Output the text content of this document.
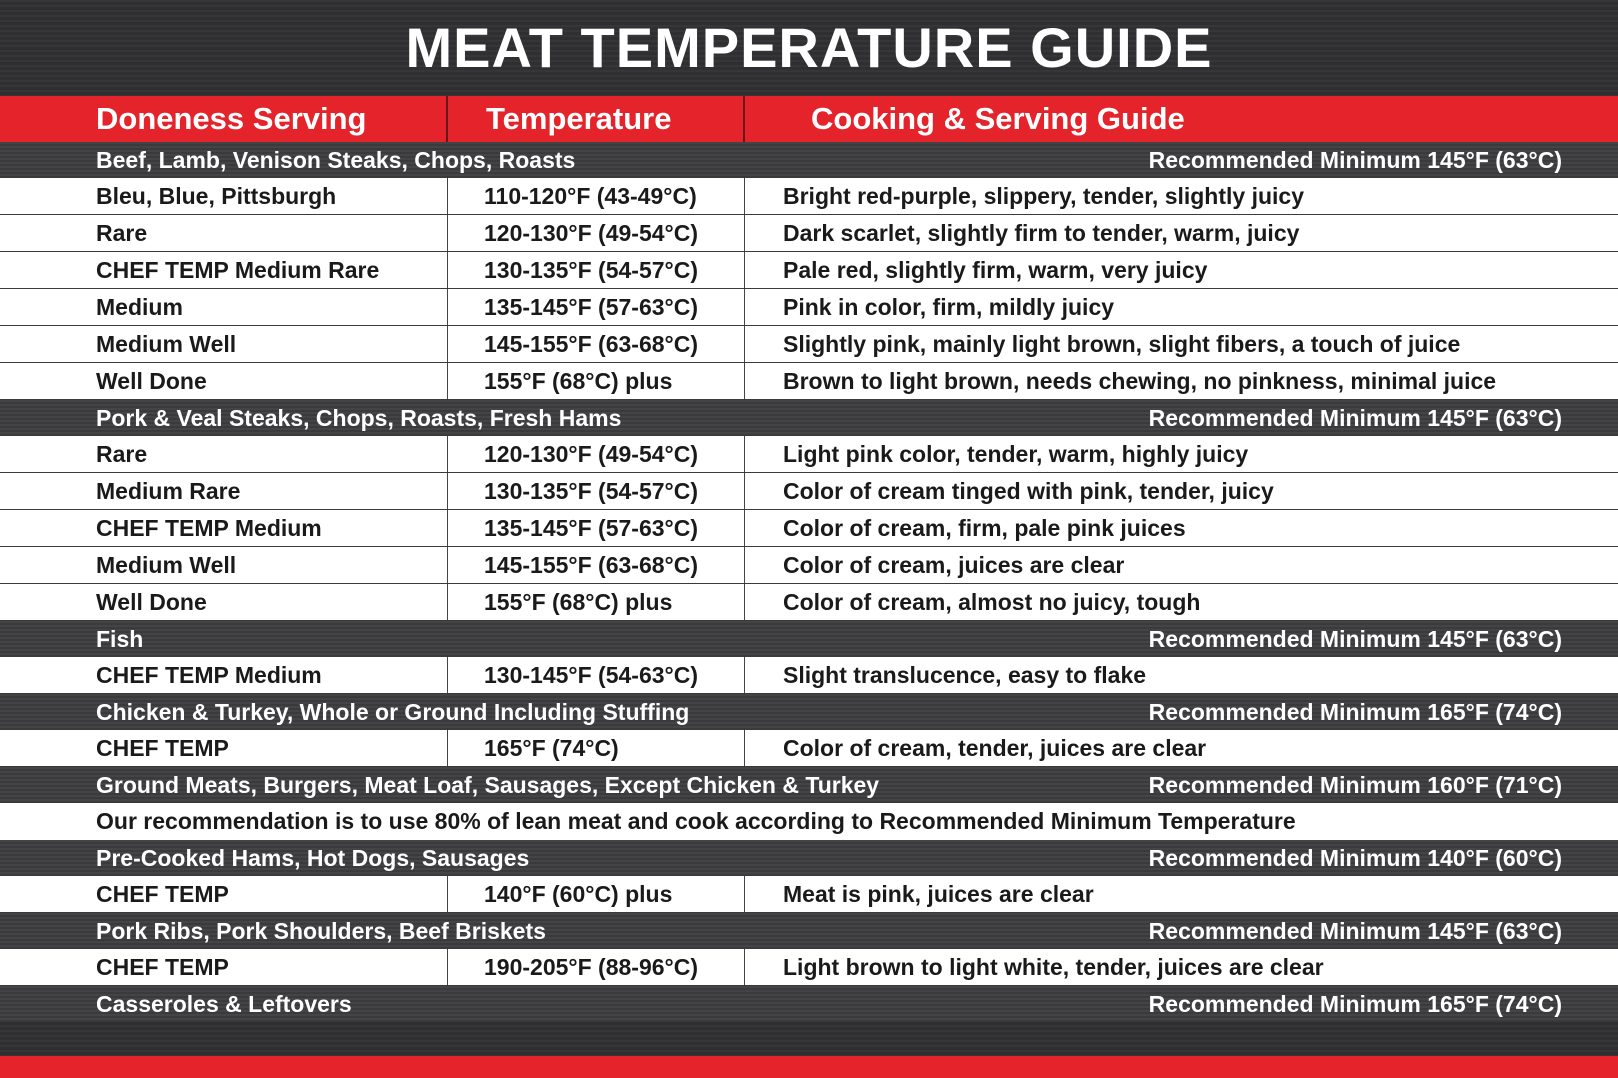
MEAT TEMPERATURE GUIDE
Doneness Serving	Temperature	Cooking & Serving Guide
Beef, Lamb, Venison Steaks, Chops, Roasts	Recommended Minimum 145°F (63°C)
Bleu, Blue, Pittsburgh	110-120°F (43-49°C)	Bright red-purple, slippery, tender, slightly juicy
Rare	120-130°F (49-54°C)	Dark scarlet, slightly firm to tender, warm, juicy
CHEF TEMP Medium Rare	130-135°F (54-57°C)	Pale red, slightly firm, warm, very juicy
Medium	135-145°F (57-63°C)	Pink in color, firm, mildly juicy
Medium Well	145-155°F (63-68°C)	Slightly pink, mainly light brown, slight fibers, a touch of juice
Well Done	155°F (68°C) plus	Brown to light brown, needs chewing, no pinkness, minimal juice
Pork & Veal Steaks, Chops, Roasts, Fresh Hams	Recommended Minimum 145°F (63°C)
Rare	120-130°F (49-54°C)	Light pink color, tender, warm, highly juicy
Medium Rare	130-135°F (54-57°C)	Color of cream tinged with pink, tender, juicy
CHEF TEMP Medium	135-145°F (57-63°C)	Color of cream, firm, pale pink juices
Medium Well	145-155°F (63-68°C)	Color of cream, juices are clear
Well Done	155°F (68°C) plus	Color of cream, almost no juicy, tough
Fish	Recommended Minimum 145°F (63°C)
CHEF TEMP Medium	130-145°F (54-63°C)	Slight translucence, easy to flake
Chicken & Turkey, Whole or Ground Including Stuffing	Recommended Minimum 165°F (74°C)
CHEF TEMP	165°F (74°C)	Color of cream, tender, juices are clear
Ground Meats, Burgers, Meat Loaf, Sausages, Except Chicken & Turkey	Recommended Minimum 160°F (71°C)
Our recommendation is to use 80% of lean meat and cook according to Recommended Minimum Temperature
Pre-Cooked Hams, Hot Dogs, Sausages	Recommended Minimum 140°F (60°C)
CHEF TEMP	140°F (60°C) plus	Meat is pink, juices are clear
Pork Ribs, Pork Shoulders, Beef Briskets	Recommended Minimum 145°F (63°C)
CHEF TEMP	190-205°F (88-96°C)	Light brown to light white, tender, juices are clear
Casseroles & Leftovers	Recommended Minimum 165°F (74°C)
